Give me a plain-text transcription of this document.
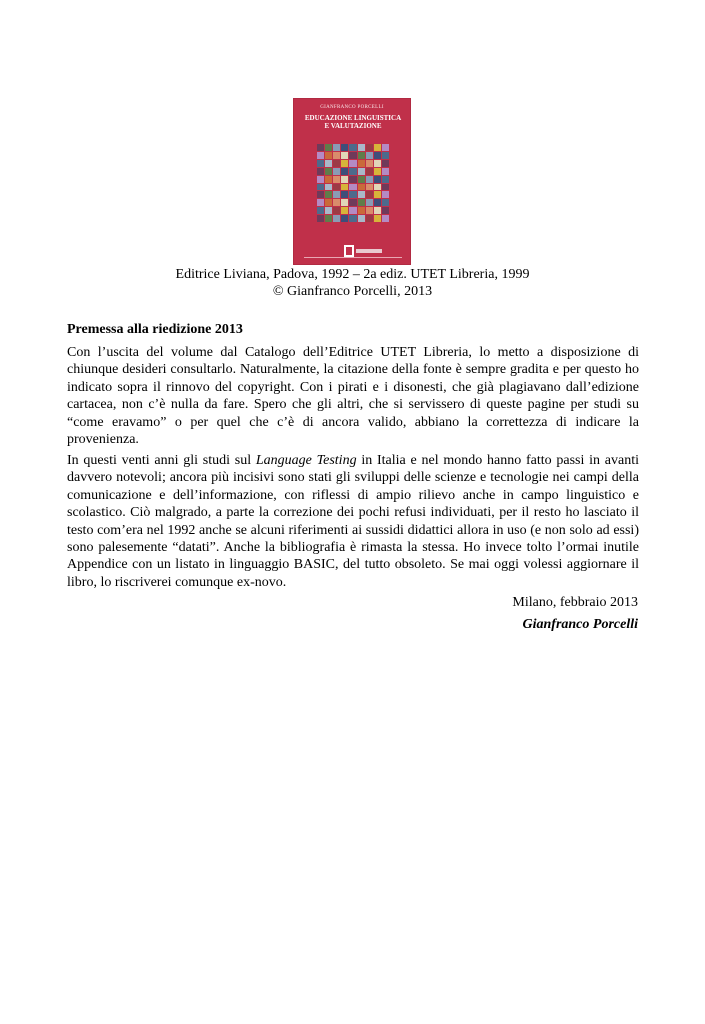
GIANFRANCO PORCELLI
EDUCAZIONE LINGUISTICA
E VALUTAZIONE
Editrice Liviana, Padova, 1992 – 2a ediz. UTET Libreria, 1999
© Gianfranco Porcelli, 2013
Premessa alla riedizione 2013

Con l’uscita del volume dal Catalogo dell’Editrice UTET Libreria, lo metto a disposizione di chiunque desideri consultarlo. Naturalmente, la citazione della fonte è sempre gradita e per questo ho indicato sopra il rinnovo del copyright. Con i pirati e i disonesti, che già plagiavano dall’edizione cartacea, non c’è nulla da fare. Spero che gli altri, che si servissero di queste pagine per studi su “come eravamo” o per quel che c’è di ancora valido, abbiano la correttezza di indicare la provenienza.

In questi venti anni gli studi sul Language Testing in Italia e nel mondo hanno fatto passi in avanti davvero notevoli; ancora più incisivi sono stati gli sviluppi delle scienze e tecnologie nei campi della comunicazione e dell’informazione, con riflessi di ampio rilievo anche in campo linguistico e scolastico. Ciò malgrado, a parte la correzione dei pochi refusi individuati, per il resto ho lasciato il testo com’era nel 1992 anche se alcuni riferimenti ai sussidi didattici allora in uso (e non solo ad essi) sono palesemente “datati”. Anche la bibliografia è rimasta la stessa. Ho invece tolto l’ormai inutile Appendice con un listato in linguaggio BASIC, del tutto obsoleto. Se mai oggi volessi aggiornare il libro, lo riscriverei comunque ex-novo.

Milano, febbraio 2013
Gianfranco Porcelli
